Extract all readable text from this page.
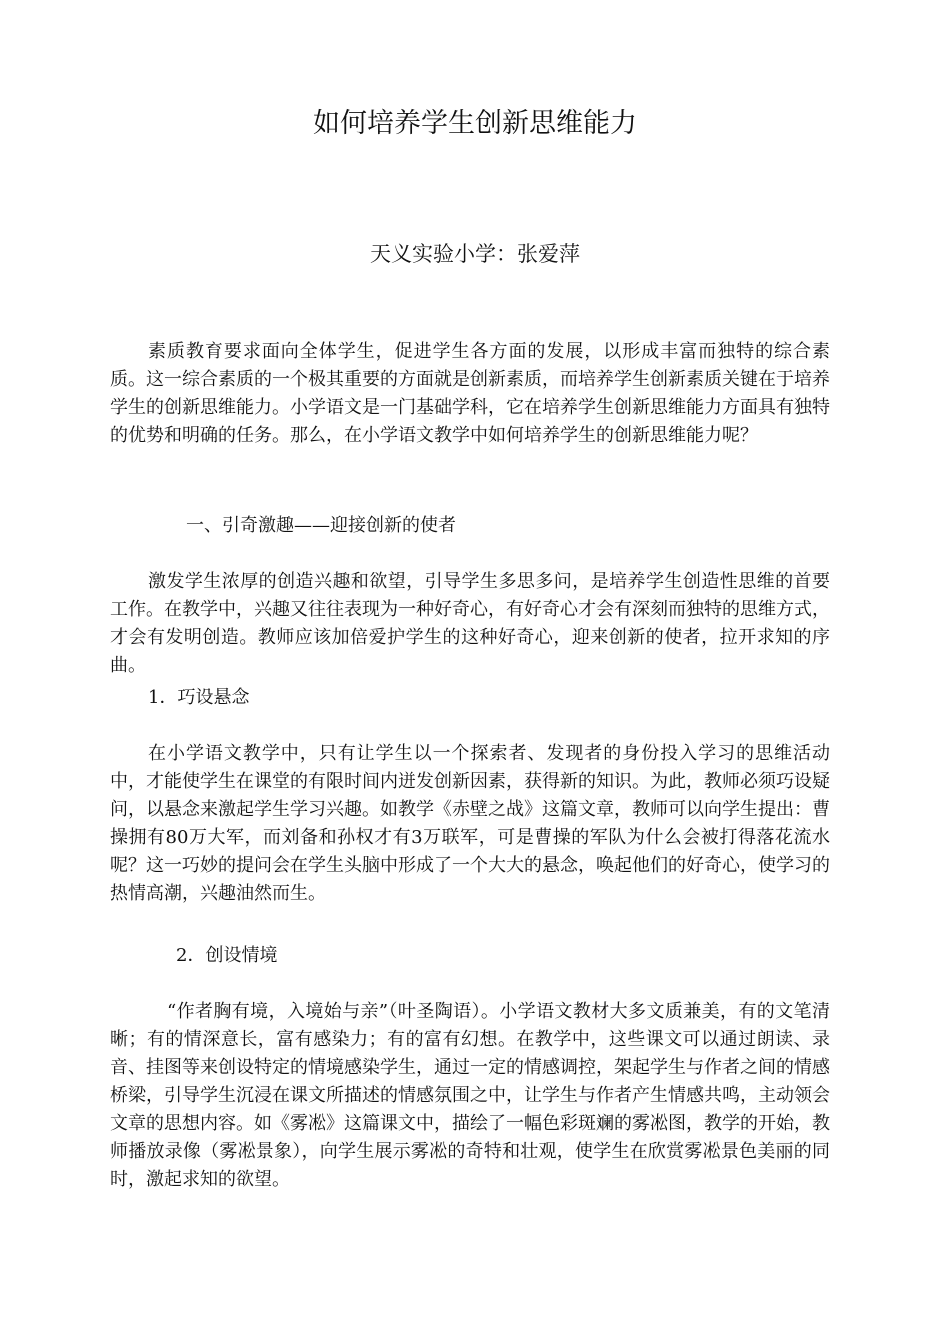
如何培养学生创新思维能力

天义实验小学：张爱萍

素质教育要求面向全体学生，促进学生各方面的发展，以形成丰富而独特的综合素质。这一综合素质的一个极其重要的方面就是创新素质，而培养学生创新素质关键在于培养学生的创新思维能力。小学语文是一门基础学科，它在培养学生创新思维能力方面具有独特的优势和明确的任务。那么，在小学语文教学中如何培养学生的创新思维能力呢？

一、引奇激趣——迎接创新的使者

激发学生浓厚的创造兴趣和欲望，引导学生多思多问，是培养学生创造性思维的首要工作。在教学中，兴趣又往往表现为一种好奇心，有好奇心才会有深刻而独特的思维方式，才会有发明创造。教师应该加倍爱护学生的这种好奇心，迎来创新的使者，拉开求知的序曲。

1．巧设悬念

在小学语文教学中，只有让学生以一个探索者、发现者的身份投入学习的思维活动中，才能使学生在课堂的有限时间内迸发创新因素，获得新的知识。为此，教师必须巧设疑问，以悬念来激起学生学习兴趣。如教学《赤壁之战》这篇文章，教师可以向学生提出：曹操拥有80万大军，而刘备和孙权才有3万联军，可是曹操的军队为什么会被打得落花流水呢？这一巧妙的提问会在学生头脑中形成了一个大大的悬念，唤起他们的好奇心，使学习的热情高潮，兴趣油然而生。

2．创设情境

“作者胸有境，入境始与亲”（叶圣陶语）。小学语文教材大多文质兼美，有的文笔清晰；有的情深意长，富有感染力；有的富有幻想。在教学中，这些课文可以通过朗读、录音、挂图等来创设特定的情境感染学生，通过一定的情感调控，架起学生与作者之间的情感桥梁，引导学生沉浸在课文所描述的情感氛围之中，让学生与作者产生情感共鸣，主动领会文章的思想内容。如《雾凇》这篇课文中，描绘了一幅色彩斑斓的雾凇图，教学的开始，教师播放录像（雾凇景象），向学生展示雾凇的奇特和壮观，使学生在欣赏雾凇景色美丽的同时，激起求知的欲望。
